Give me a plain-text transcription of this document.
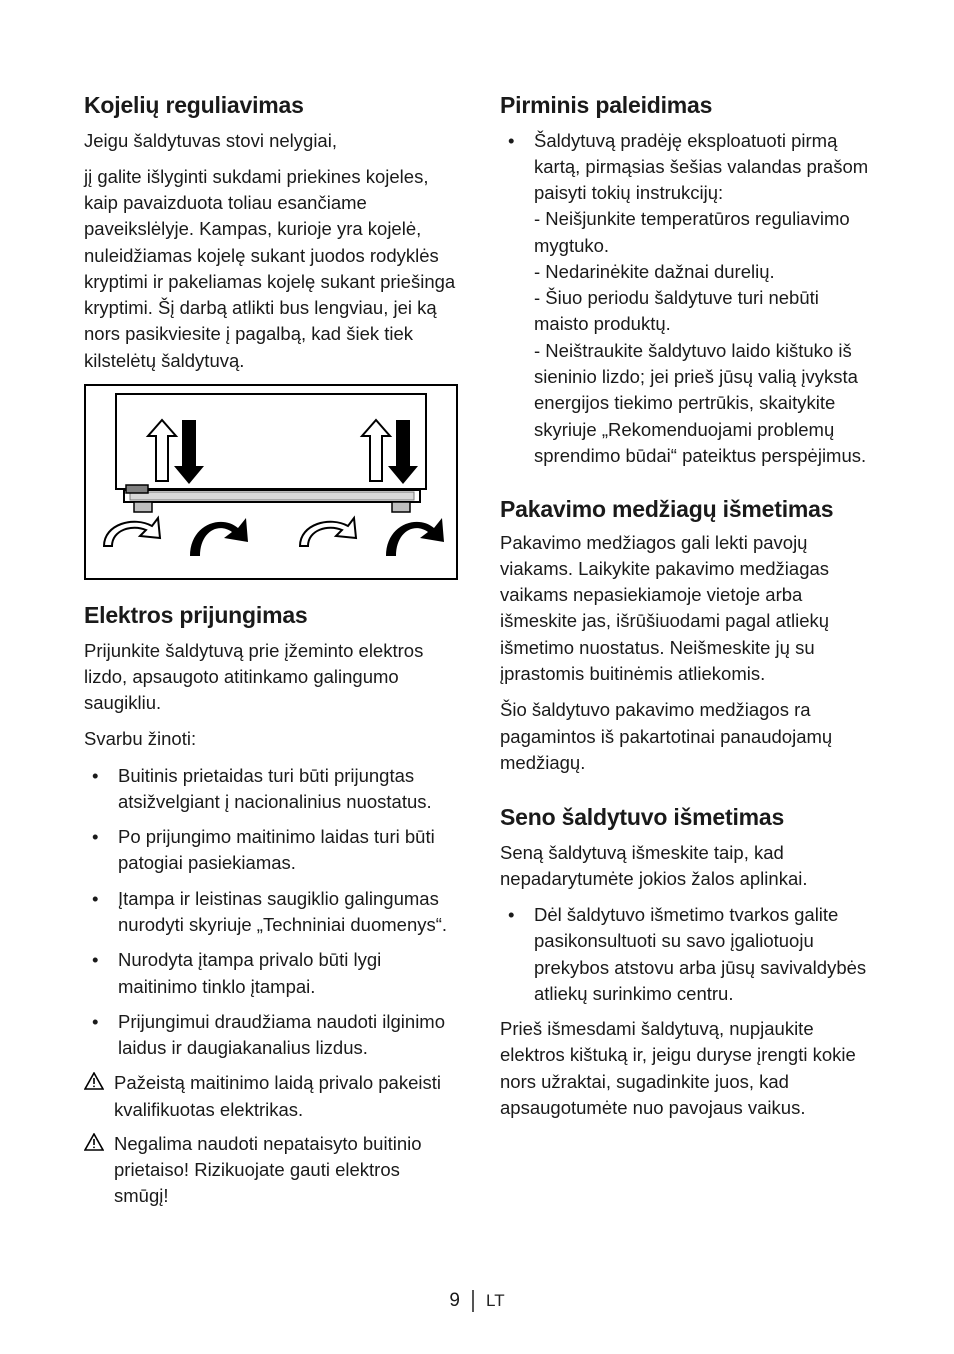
Kojelių reguliavimas

Jeigu šaldytuvas stovi nelygiai,

jį galite išlyginti sukdami priekines kojeles, kaip pavaizduota toliau esančiame paveikslėlyje. Kampas, kurioje yra kojelė, nuleidžiamas kojelę sukant juodos rodyklės kryptimi ir pakeliamas kojelę sukant priešinga kryptimi. Šį darbą atlikti bus lengviau, jei ką nors pasikviesite į pagalbą, kad šiek tiek kilstelėtų šaldytuvą.

Elektros prijungimas

Prijunkite šaldytuvą prie įžeminto elektros lizdo, apsaugoto atitinkamo galingumo saugikliu.

Svarbu žinoti:

• Buitinis prietaidas turi būti prijungtas atsižvelgiant į nacionalinius nuostatus.
• Po prijungimo maitinimo laidas turi būti patogiai pasiekiamas.
• Įtampa ir leistinas saugiklio galingumas nurodyti skyriuje „Techniniai duomenys“.
• Nurodyta įtampa privalo būti lygi maitinimo tinklo įtampai.
• Prijungimui draudžiama naudoti ilginimo laidus ir daugiakanalius lizdus.
Pažeistą maitinimo laidą privalo pakeisti kvalifikuotas elektrikas.
Negalima naudoti nepataisyto buitinio prietaiso! Rizikuojate gauti elektros smūgį!
Pirminis paleidimas
• Šaldytuvą pradėję eksploatuoti pirmą kartą, pirmąsias šešias valandas prašom paisyti tokių instrukcijų:
- Neišjunkite temperatūros reguliavimo mygtuko.
- Nedarinėkite dažnai durelių.
- Šiuo periodu šaldytuve turi nebūti maisto produktų.
- Neištraukite šaldytuvo laido kištuko iš sieninio lizdo; jei prieš jūsų valią įvyksta energijos tiekimo pertrūkis, skaitykite skyriuje „Rekomenduojami problemų sprendimo būdai“ pateiktus perspėjimus.
Pakavimo medžiagų išmetimas

Pakavimo medžiagos gali lekti pavojų viakams. Laikykite pakavimo medžiagas vaikams nepasiekiamoje vietoje arba išmeskite jas, išrūšiuodami pagal atliekų išmetimo nuostatus. Neišmeskite jų su įprastomis buitinėmis atliekomis.

Šio šaldytuvo pakavimo medžiagos ra pagamintos iš pakartotinai panaudojamų medžiagų.

Seno šaldytuvo išmetimas

Seną šaldytuvą išmeskite taip, kad nepadarytumėte jokios žalos aplinkai.

• Dėl šaldytuvo išmetimo tvarkos galite pasikonsultuoti su savo įgaliotuoju prekybos atstovu arba jūsų savivaldybės atliekų surinkimo centru.

Prieš išmesdami šaldytuvą, nupjaukite elektros kištuką ir, jeigu duryse įrengti kokie nors užraktai, sugadinkite juos, kad apsaugotumėte nuo pavojaus vaikus.

9 LT
